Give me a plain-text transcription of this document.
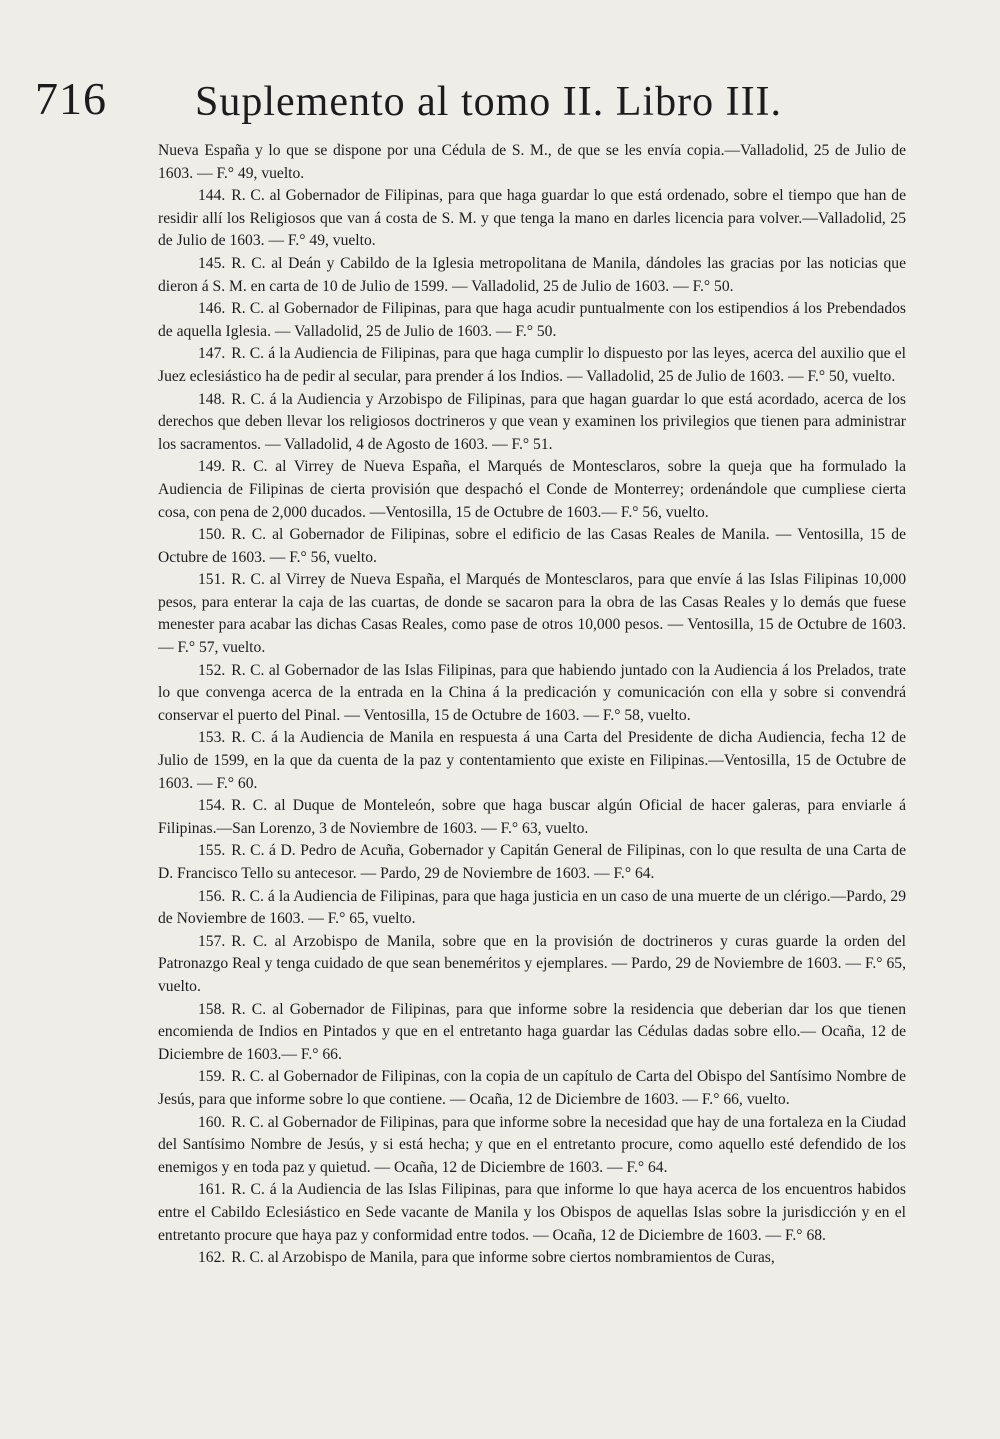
716 Suplemento al tomo II. Libro III.

Nueva España y lo que se dispone por una Cédula de S. M., de que se les envía copia.—Valladolid, 25 de Julio de 1603. — F.° 49, vuelto.

144. R. C. al Gobernador de Filipinas, para que haga guardar lo que está ordenado, sobre el tiempo que han de residir allí los Religiosos que van á costa de S. M. y que tenga la mano en darles licencia para volver.—Valladolid, 25 de Julio de 1603. — F.° 49, vuelto.

145. R. C. al Deán y Cabildo de la Iglesia metropolitana de Manila, dándoles las gracias por las noticias que dieron á S. M. en carta de 10 de Julio de 1599. — Valladolid, 25 de Julio de 1603. — F.° 50.

146. R. C. al Gobernador de Filipinas, para que haga acudir puntualmente con los estipendios á los Prebendados de aquella Iglesia. — Valladolid, 25 de Julio de 1603. — F.° 50.

147. R. C. á la Audiencia de Filipinas, para que haga cumplir lo dispuesto por las leyes, acerca del auxilio que el Juez eclesiástico ha de pedir al secular, para prender á los Indios. — Valladolid, 25 de Julio de 1603. — F.° 50, vuelto.

148. R. C. á la Audiencia y Arzobispo de Filipinas, para que hagan guardar lo que está acordado, acerca de los derechos que deben llevar los religiosos doctrineros y que vean y examinen los privilegios que tienen para administrar los sacramentos. — Valladolid, 4 de Agosto de 1603. — F.° 51.

149. R. C. al Virrey de Nueva España, el Marqués de Montesclaros, sobre la queja que ha formulado la Audiencia de Filipinas de cierta provisión que despachó el Conde de Monterrey; ordenándole que cumpliese cierta cosa, con pena de 2,000 ducados. —Ventosilla, 15 de Octubre de 1603.— F.° 56, vuelto.

150. R. C. al Gobernador de Filipinas, sobre el edificio de las Casas Reales de Manila. — Ventosilla, 15 de Octubre de 1603. — F.° 56, vuelto.

151. R. C. al Virrey de Nueva España, el Marqués de Montesclaros, para que envíe á las Islas Filipinas 10,000 pesos, para enterar la caja de las cuartas, de donde se sacaron para la obra de las Casas Reales y lo demás que fuese menester para acabar las dichas Casas Reales, como pase de otros 10,000 pesos. — Ventosilla, 15 de Octubre de 1603. — F.° 57, vuelto.

152. R. C. al Gobernador de las Islas Filipinas, para que habiendo juntado con la Audiencia á los Prelados, trate lo que convenga acerca de la entrada en la China á la predicación y comunicación con ella y sobre si convendrá conservar el puerto del Pinal. — Ventosilla, 15 de Octubre de 1603. — F.° 58, vuelto.

153. R. C. á la Audiencia de Manila en respuesta á una Carta del Presidente de dicha Audiencia, fecha 12 de Julio de 1599, en la que da cuenta de la paz y contentamiento que existe en Filipinas.—Ventosilla, 15 de Octubre de 1603. — F.° 60.

154. R. C. al Duque de Monteleón, sobre que haga buscar algún Oficial de hacer galeras, para enviarle á Filipinas.—San Lorenzo, 3 de Noviembre de 1603. — F.° 63, vuelto.

155. R. C. á D. Pedro de Acuña, Gobernador y Capitán General de Filipinas, con lo que resulta de una Carta de D. Francisco Tello su antecesor. — Pardo, 29 de Noviembre de 1603. — F.° 64.

156. R. C. á la Audiencia de Filipinas, para que haga justicia en un caso de una muerte de un clérigo.—Pardo, 29 de Noviembre de 1603. — F.° 65, vuelto.

157. R. C. al Arzobispo de Manila, sobre que en la provisión de doctrineros y curas guarde la orden del Patronazgo Real y tenga cuidado de que sean beneméritos y ejemplares. — Pardo, 29 de Noviembre de 1603. — F.° 65, vuelto.

158. R. C. al Gobernador de Filipinas, para que informe sobre la residencia que deberian dar los que tienen encomienda de Indios en Pintados y que en el entretanto haga guardar las Cédulas dadas sobre ello.— Ocaña, 12 de Diciembre de 1603.— F.° 66.

159. R. C. al Gobernador de Filipinas, con la copia de un capítulo de Carta del Obispo del Santísimo Nombre de Jesús, para que informe sobre lo que contiene. — Ocaña, 12 de Diciembre de 1603. — F.° 66, vuelto.

160. R. C. al Gobernador de Filipinas, para que informe sobre la necesidad que hay de una fortaleza en la Ciudad del Santísimo Nombre de Jesús, y si está hecha; y que en el entretanto procure, como aquello esté defendido de los enemigos y en toda paz y quietud. — Ocaña, 12 de Diciembre de 1603. — F.° 64.

161. R. C. á la Audiencia de las Islas Filipinas, para que informe lo que haya acerca de los encuentros habidos entre el Cabildo Eclesiástico en Sede vacante de Manila y los Obispos de aquellas Islas sobre la jurisdicción y en el entretanto procure que haya paz y conformidad entre todos. — Ocaña, 12 de Diciembre de 1603. — F.° 68.

162. R. C. al Arzobispo de Manila, para que informe sobre ciertos nombramientos de Curas,
